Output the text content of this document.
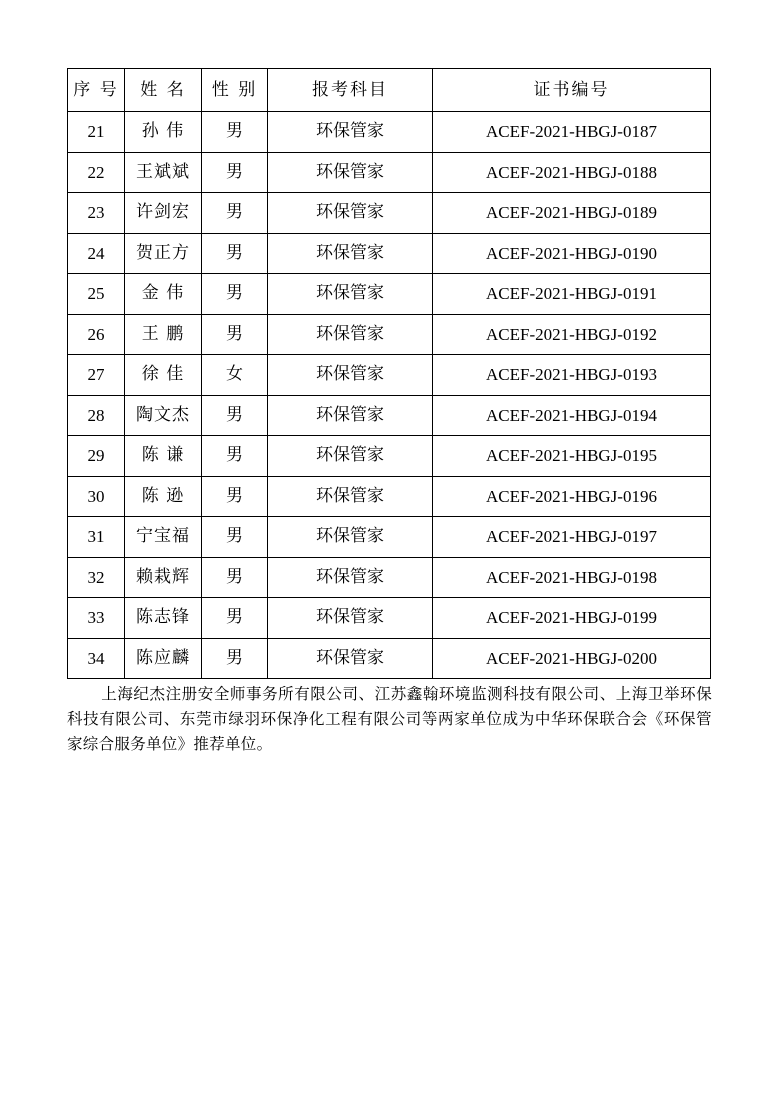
序 号	姓 名	性 别	报考科目	证书编号
21	孙 伟	男	环保管家	ACEF-2021-HBGJ-0187
22	王斌斌	男	环保管家	ACEF-2021-HBGJ-0188
23	许剑宏	男	环保管家	ACEF-2021-HBGJ-0189
24	贺正方	男	环保管家	ACEF-2021-HBGJ-0190
25	金 伟	男	环保管家	ACEF-2021-HBGJ-0191
26	王 鹏	男	环保管家	ACEF-2021-HBGJ-0192
27	徐 佳	女	环保管家	ACEF-2021-HBGJ-0193
28	陶文杰	男	环保管家	ACEF-2021-HBGJ-0194
29	陈 谦	男	环保管家	ACEF-2021-HBGJ-0195
30	陈 逊	男	环保管家	ACEF-2021-HBGJ-0196
31	宁宝福	男	环保管家	ACEF-2021-HBGJ-0197
32	赖栽辉	男	环保管家	ACEF-2021-HBGJ-0198
33	陈志锋	男	环保管家	ACEF-2021-HBGJ-0199
34	陈应麟	男	环保管家	ACEF-2021-HBGJ-0200
上海纪杰注册安全师事务所有限公司、江苏鑫翰环境监测科技有限公司、上海卫举环保科技有限公司、东莞市绿羽环保净化工程有限公司等两家单位成为中华环保联合会《环保管家综合服务单位》推荐单位。
